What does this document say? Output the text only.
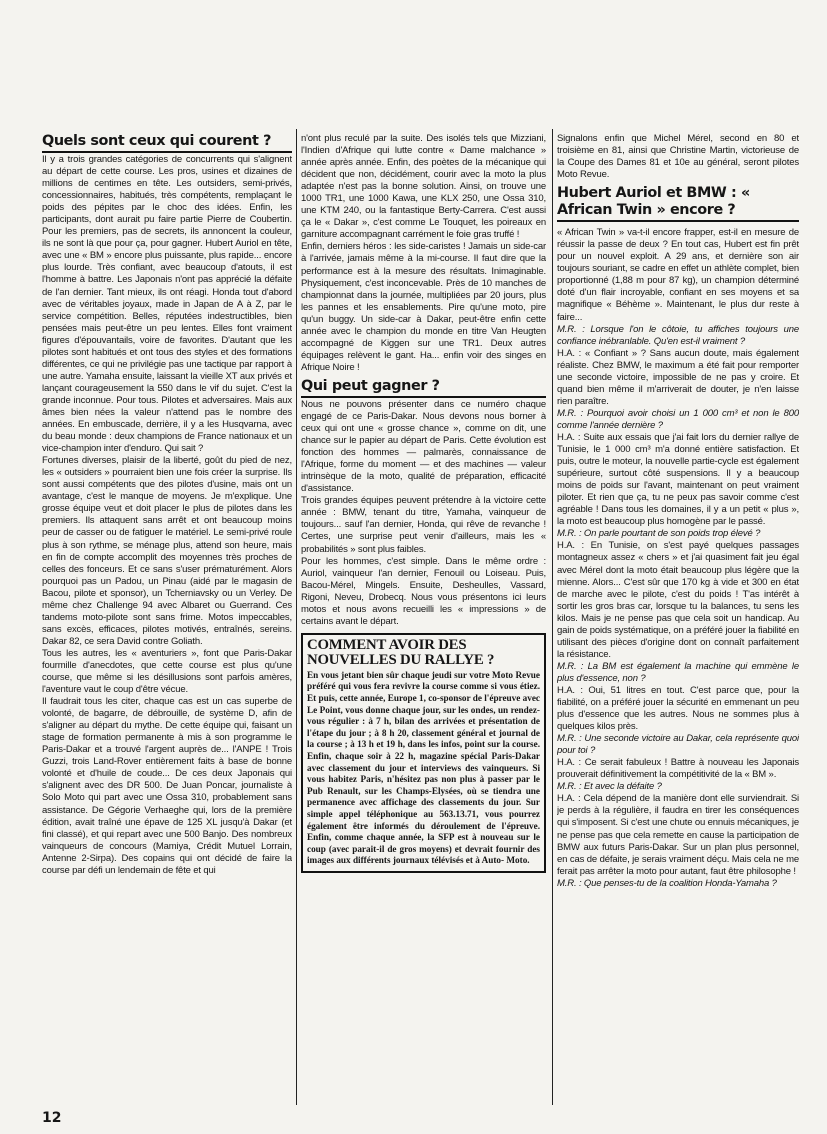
Quels sont ceux qui courent ?

Il y a trois grandes catégories de concurrents qui s'alignent au départ de cette course. Les pros, usines et dizaines de millions de centimes en tête. Les outsiders, semi-privés, concessionnaires, habitués, très compétents, remplaçant le poids des pépites par le choc des idées. Enfin, les participants, dont aurait pu faire partie Pierre de Coubertin. Pour les premiers, pas de secrets, ils annoncent la couleur, ils ne sont là que pour ça, pour gagner. Hubert Auriol en tête, avec une « BM » encore plus puissante, plus rapide... encore plus lourde. Très confiant, avec beaucoup d'atouts, il est l'homme à battre. Les Japonais n'ont pas apprécié la défaite de l'an dernier. Tant mieux, ils ont réagi. Honda tout d'abord avec de véritables joyaux, made in Japan de A à Z, par le service compétition. Belles, réputées indestructibles, bien pensées mais peut-être un peu lentes. Elles font vraiment figures d'épouvantails, voire de favorites. D'autant que les pilotes sont habitués et ont tous des styles et des formations différentes, ce qui ne privilégie pas une tactique par rapport à une autre. Yamaha ensuite, laissant la vieille XT aux privés et lançant courageusement la 550 dans le vif du sujet. C'est la grande inconnue. Pour tous. Pilotes et adversaires. Mais aux âmes bien nées la valeur n'attend pas le nombre des années. En embuscade, derrière, il y a les Husqvarna, avec du beau monde : deux champions de France nationaux et un vice-champion inter d'enduro. Qui sait ?

Fortunes diverses, plaisir de la liberté, goût du pied de nez, les « outsiders » pourraient bien une fois créer la surprise. Ils sont aussi compétents que des pilotes d'usine, mais ont un avantage, c'est le manque de moyens. Je m'explique. Une grosse équipe veut et doit placer le plus de pilotes dans les premiers. Ils attaquent sans arrêt et ont beaucoup moins peur de casser ou de fatiguer le matériel. Le semi-privé roule plus à son rythme, se ménage plus, attend son heure, mais en fin de compte accomplit des moyennes très proches de celles des fonceurs. Et ce sans s'user prématurément. Alors pourquoi pas un Padou, un Pinau (aidé par le magasin de Bacou, pilote et sponsor), un Tcherniavsky ou un Verley. De même chez Challenge 94 avec Albaret ou Guerrand. Ces tandems moto-pilote sont sans frime. Motos impeccables, sans excès, efficaces, pilotes motivés, entraînés, sereins. Dakar 82, ce sera David contre Goliath.

Tous les autres, les « aventuriers », font que Paris-Dakar fourmille d'anecdotes, que cette course est plus qu'une course, que même si les désillusions sont parfois amères, l'aventure vaut le coup d'être vécue.

Il faudrait tous les citer, chaque cas est un cas superbe de volonté, de bagarre, de débrouille, de système D, afin de s'aligner au départ du mythe. De cette équipe qui, faisant un stage de formation permanente à mis à son programme le Paris-Dakar et a trouvé l'argent auprès de... l'ANPE ! Trois Guzzi, trois Land-Rover entièrement faits à base de bonne volonté et d'huile de coude... De ces deux Japonais qui s'alignent avec des DR 500. De Juan Poncar, journaliste à Solo Moto qui part avec une Ossa 310, probablement sans assistance. De Gégorie Verhaeghe qui, lors de la première édition, avait traîné une épave de 125 XL jusqu'à Dakar (et fini classé), et qui repart avec une 500 Banjo. Des nombreux vainqueurs de concours (Mamiya, Crédit Mutuel Lorrain, Antenne 2-Sirpa). Des copains qui ont décidé de faire la course par défi un lendemain de fête et qui

n'ont plus reculé par la suite. Des isolés tels que Mizziani, l'Indien d'Afrique qui lutte contre « Dame malchance » année après année. Enfin, des poètes de la mécanique qui décident que non, décidément, courir avec la moto la plus adaptée n'est pas la bonne solution. Ainsi, on trouve une 1000 TR1, une 1000 Kawa, une KLX 250, une Ossa 310, une KTM 240, ou la fantastique Berty-Carrera. C'est aussi ça le « Dakar », c'est comme Le Touquet, les poireaux en garniture accompagnant carrément le foie gras truffé !

Enfin, derniers héros : les side-caristes ! Jamais un side-car à l'arrivée, jamais même à la mi-course. Il faut dire que la performance est à la mesure des résultats. Inimaginable. Physiquement, c'est inconcevable. Près de 10 manches de championnat dans la journée, multipliées par 20 jours, plus les pannes et les ensablements. Pire qu'une moto, pire qu'un buggy. Un side-car à Dakar, peut-être enfin cette année avec le champion du monde en titre Van Heugten accompagné de Kiggen sur une TR1. Deux autres équipages relèvent le gant. Ha... enfin voir des singes en Afrique Noire !

Qui peut gagner ?

Nous ne pouvons présenter dans ce numéro chaque engagé de ce Paris-Dakar. Nous devons nous borner à ceux qui ont une « grosse chance », comme on dit, une chance sur le papier au départ de Paris. Cette évolution est fonction des hommes — palmarès, connaissance de l'Afrique, forme du moment — et des machines — valeur intrinsèque de la moto, qualité de préparation, efficacité d'assistance.

Trois grandes équipes peuvent prétendre à la victoire cette année : BMW, tenant du titre, Yamaha, vainqueur de toujours... sauf l'an dernier, Honda, qui rêve de revanche ! Certes, une surprise peut venir d'ailleurs, mais les « probabilités » sont plus faibles.

Pour les hommes, c'est simple. Dans le même ordre : Auriol, vainqueur l'an dernier, Fenouil ou Loiseau. Puis, Bacou-Mérel, Mingels. Ensuite, Desheulles, Vassard, Rigoni, Neveu, Drobecq. Nous vous présentons ici leurs motos et nous avons recueilli les « impressions » de certains avant le départ.

COMMENT AVOIR DES NOUVELLES DU RALLYE ?

En vous jetant bien sûr chaque jeudi sur votre Moto Revue préféré qui vous fera revivre la course comme si vous étiez. Et puis, cette année, Europe 1, co-sponsor de l'épreuve avec Le Point, vous donne chaque jour, sur les ondes, un rendez-vous régulier : à 7 h, bilan des arrivées et présentation de l'étape du jour ; à 8 h 20, classement général et journal de la course ; à 13 h et 19 h, dans les infos, point sur la course. Enfin, chaque soir à 22 h, magazine spécial Paris-Dakar avec classement du jour et interviews des vainqueurs. Si vous habitez Paris, n'hésitez pas non plus à passer par le Pub Renault, sur les Champs-Elysées, où se tiendra une permanence avec affichage des classements du jour. Sur simple appel téléphonique au 563.13.71, vous pourrez également être informés du déroulement de l'épreuve. Enfin, comme chaque année, la SFP est à nouveau sur le coup (avec parait-il de gros moyens) et devrait fournir des images aux différents journaux télévisés et à Auto- Moto.

Signalons enfin que Michel Mérel, second en 80 et troisième en 81, ainsi que Christine Martin, victorieuse de la Coupe des Dames 81 et 10e au général, seront pilotes Moto Revue.

Hubert Auriol et BMW : « African Twin » encore ?

« African Twin » va-t-il encore frapper, est-il en mesure de réussir la passe de deux ? En tout cas, Hubert est fin prêt pour un nouvel exploit. A 29 ans, et dernière son air toujours souriant, se cadre en effet un athlète complet, bien proportionné (1,88 m pour 87 kg), un champion déterminé doté d'un flair incroyable, confiant en ses moyens et sa magnifique « Béhème ». Maintenant, le plus dur reste à faire...

M.R. : Lorsque l'on le côtoie, tu affiches toujours une confiance inébranlable. Qu'en est-il vraiment ?

H.A. : « Confiant » ? Sans aucun doute, mais également réaliste. Chez BMW, le maximum a été fait pour remporter une seconde victoire, impossible de ne pas y croire. Et quand bien même il m'arriverait de douter, je n'en laisse rien paraître.

M.R. : Pourquoi avoir choisi un 1 000 cm³ et non le 800 comme l'année dernière ?

H.A. : Suite aux essais que j'ai fait lors du dernier rallye de Tunisie, le 1 000 cm³ m'a donné entière satisfaction. Et puis, outre le moteur, la nouvelle partie-cycle est également supérieure, surtout côté suspensions. Il y a beaucoup moins de poids sur l'avant, maintenant on peut vraiment piloter. Et rien que ça, tu ne peux pas savoir comme c'est agréable ! Dans tous les domaines, il y a un petit « plus », la moto est beaucoup plus homogène par le passé.

M.R. : On parle pourtant de son poids trop élevé ?

H.A. : En Tunisie, on s'est payé quelques passages montagneux assez « chers » et j'ai quasiment fait jeu égal avec Mérel dont la moto était beaucoup plus légère que la mienne. Alors... C'est sûr que 170 kg à vide et 300 en état de marche avec le pilote, c'est du poids ! T'as intérêt à sortir les gros bras car, lorsque tu la balances, tu sens les kilos. Mais je ne pense pas que cela soit un handicap. Au gain de poids systématique, on a préféré jouer la fiabilité en utilisant des pièces d'origine dont on connaît parfaitement la résistance.

M.R. : La BM est également la machine qui emmène le plus d'essence, non ?

H.A. : Oui, 51 litres en tout. C'est parce que, pour la fiabilité, on a préféré jouer la sécurité en emmenant un peu plus d'essence que les autres. Nous ne sommes plus à quelques kilos près.

M.R. : Une seconde victoire au Dakar, cela représente quoi pour toi ?

H.A. : Ce serait fabuleux ! Battre à nouveau les Japonais prouverait définitivement la compétitivité de la « BM ».

M.R. : Et avec la défaite ?

H.A. : Cela dépend de la manière dont elle surviendrait. Si je perds à la régulière, il faudra en tirer les conséquences qui s'imposent. Si c'est une chute ou ennuis mécaniques, je ne pense pas que cela remette en cause la participation de BMW aux futurs Paris-Dakar. Sur un plan plus personnel, en cas de défaite, je serais vraiment déçu. Mais cela ne me ferait pas arrêter la moto pour autant, faut être philosophe !

M.R. : Que penses-tu de la coalition Honda-Yamaha ?

12
